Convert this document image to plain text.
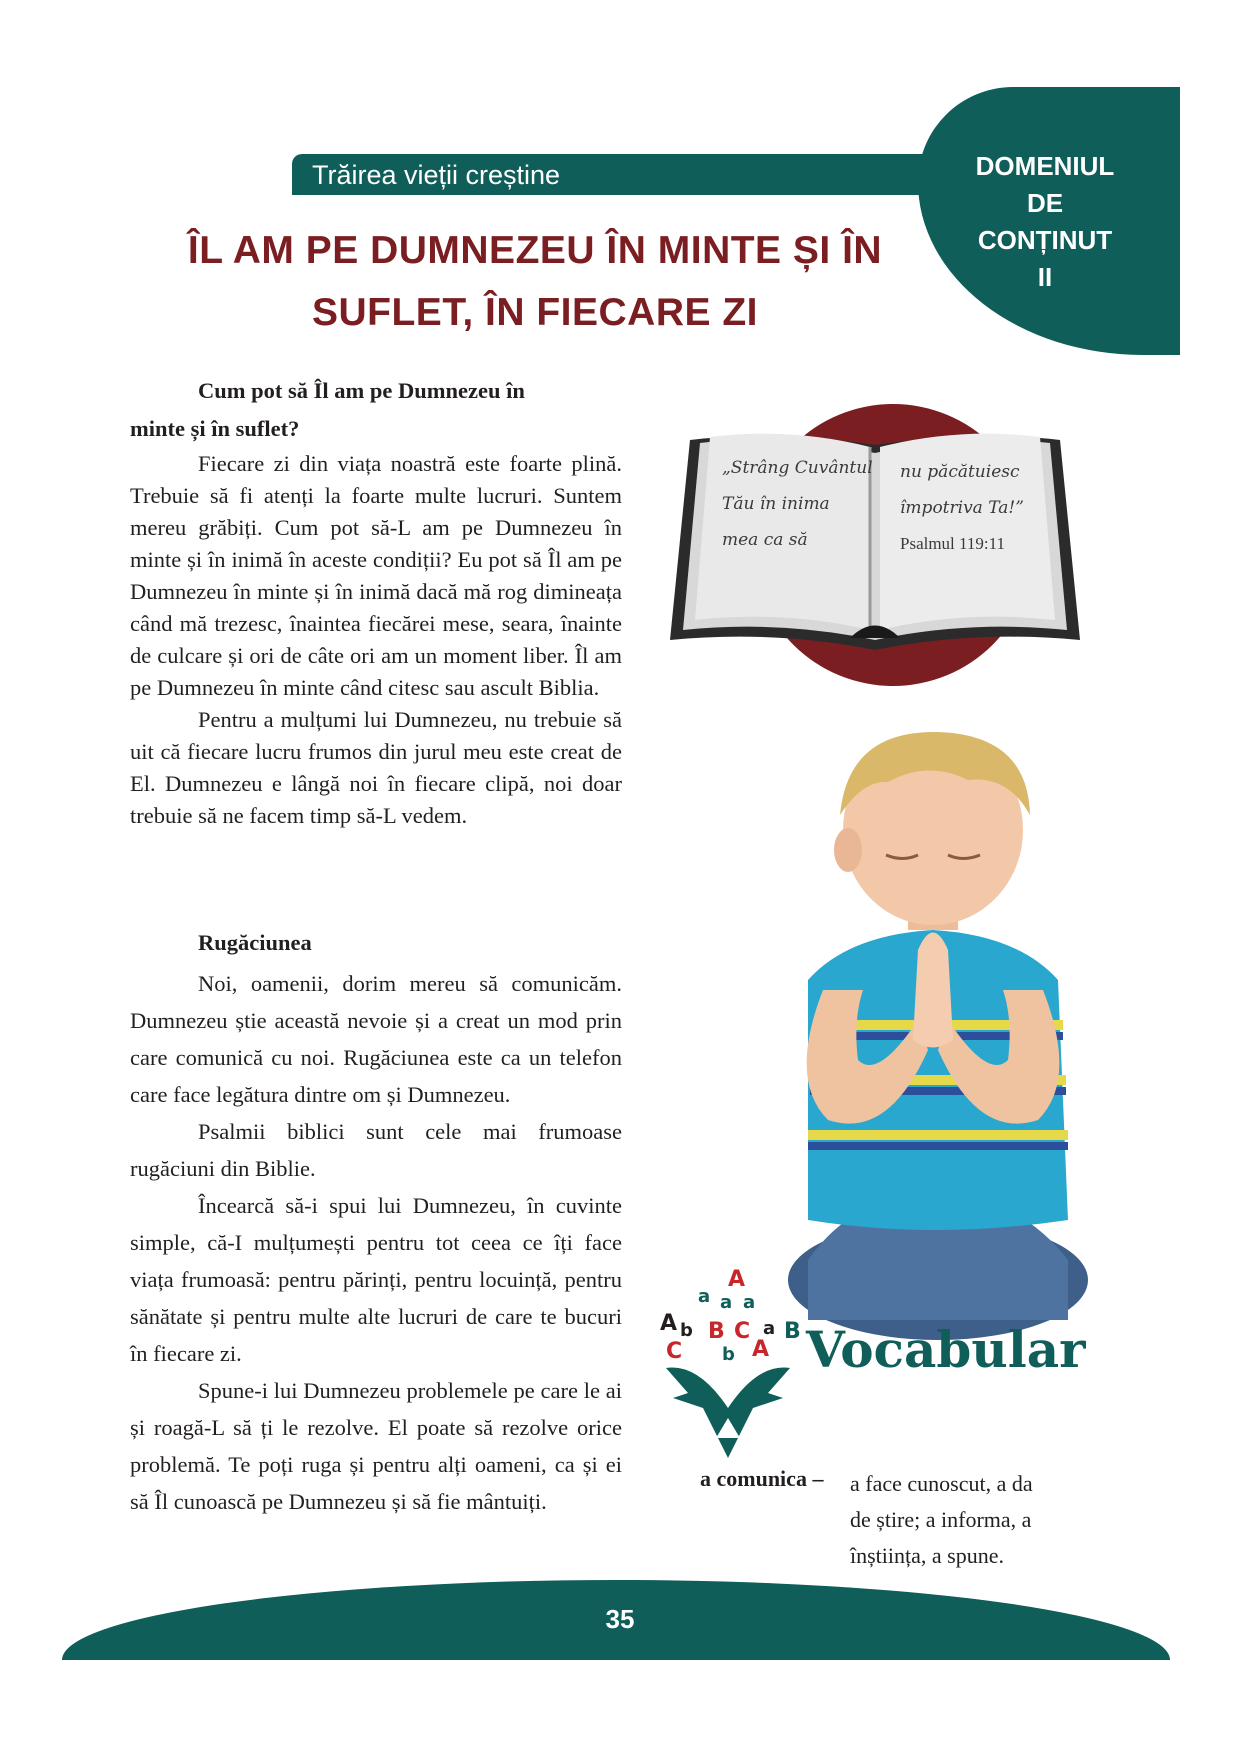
DOMENIUL
DE
CONȚINUT
II
Trăirea vieții creștine
ÎL AM PE DUMNEZEU ÎN MINTE ȘI ÎN
SUFLET, ÎN FIECARE ZI
Cum pot să Îl am pe Dumnezeu în
minte și în suflet?

Fiecare zi din viața noastră este foarte plină. Trebuie să fi atenți la foarte multe lucruri. Suntem mereu grăbiți. Cum pot să-L am pe Dumnezeu în minte și în inimă în aceste condiții? Eu pot să Îl am pe Dumnezeu în minte și în inimă dacă mă rog dimineața când mă trezesc, înaintea fiecărei mese, seara, înainte de culcare și ori de câte ori am un moment liber. Îl am pe Dumnezeu în minte când citesc sau ascult Biblia.

Pentru a mulțumi lui Dumnezeu, nu trebuie să uit că fiecare lucru frumos din jurul meu este creat de El. Dumnezeu e lângă noi în fiecare clipă, noi doar trebuie să ne facem timp să-L vedem.

Rugăciunea

Noi, oamenii, dorim mereu să comunicăm. Dumnezeu știe această nevoie și a creat un mod prin care comunică cu noi. Rugăciunea este ca un telefon care face legătura dintre om și Dumnezeu.

Psalmii biblici sunt cele mai frumoase rugăciuni din Biblie.

Încearcă să-i spui lui Dumnezeu, în cuvinte simple, că-I mulțumești pentru tot ceea ce îți face viața frumoasă: pentru părinți, pentru locuință, pentru sănătate și pentru multe alte lucruri de care te bucuri în fiecare zi.

Spune-i lui Dumnezeu problemele pe care le ai și roagă-L să ți le rezolve. El poate să rezolve orice problemă. Te poți ruga și pentru alți oameni, ca și ei să Îl cunoască pe Dumnezeu și să fie mântuiți.

„Strâng Cuvântul
Tău în inima
mea ca să
nu păcătuiesc
împotriva Ta!”
Psalmul 119:11
A
a a a
A b B C a B
C b A Vocabular
a comunica – a face cunoscut, a da
de știre; a informa, a
înștiința, a spune.
35
